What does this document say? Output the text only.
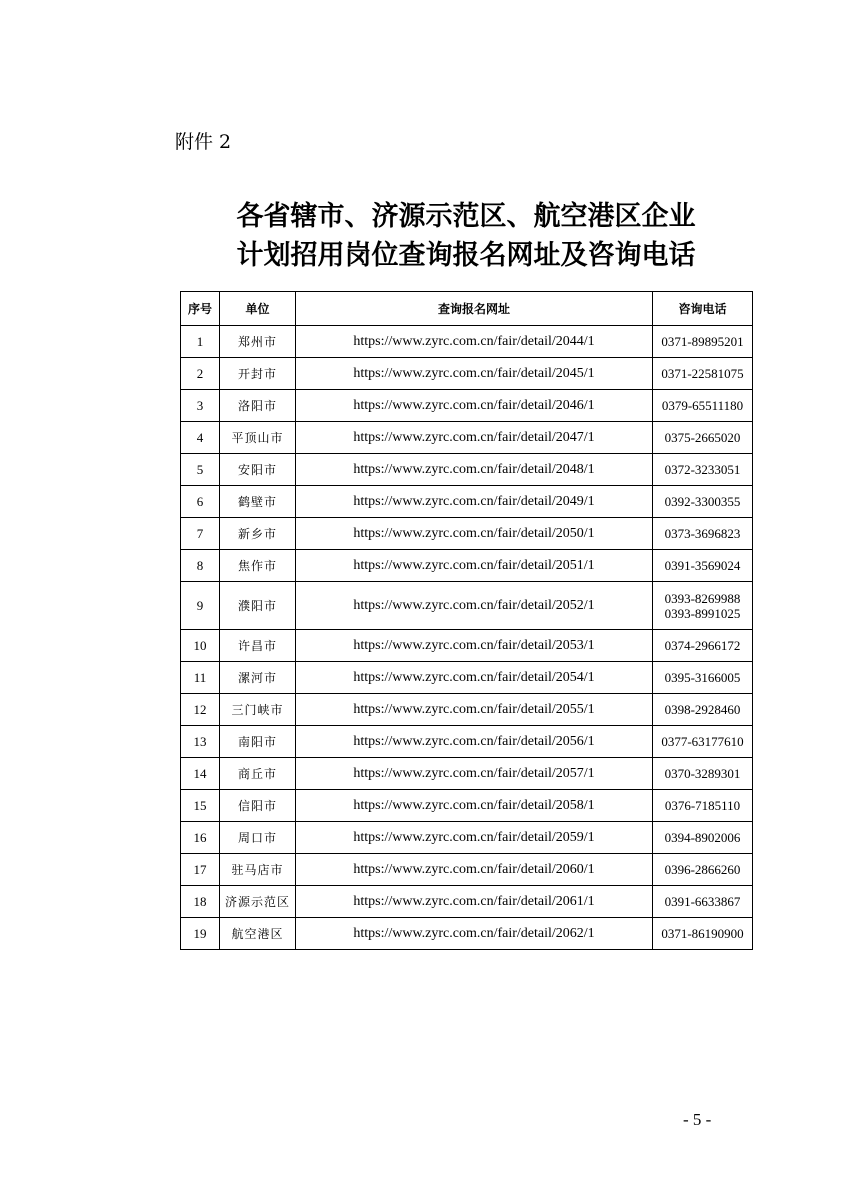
附件 2
各省辖市、济源示范区、航空港区企业
计划招用岗位查询报名网址及咨询电话
序号	单位	查询报名网址	咨询电话
1	郑州市	https://www.zyrc.com.cn/fair/detail/2044/1	0371-89895201

2	开封市	https://www.zyrc.com.cn/fair/detail/2045/1	0371-22581075

3	洛阳市	https://www.zyrc.com.cn/fair/detail/2046/1	0379-65511180

4	平顶山市	https://www.zyrc.com.cn/fair/detail/2047/1	0375-2665020

5	安阳市	https://www.zyrc.com.cn/fair/detail/2048/1	0372-3233051

6	鹤壁市	https://www.zyrc.com.cn/fair/detail/2049/1	0392-3300355

7	新乡市	https://www.zyrc.com.cn/fair/detail/2050/1	0373-3696823

8	焦作市	https://www.zyrc.com.cn/fair/detail/2051/1	0391-3569024

9	濮阳市	https://www.zyrc.com.cn/fair/detail/2052/1	0393-8269988
0393-8991025

10	许昌市	https://www.zyrc.com.cn/fair/detail/2053/1	0374-2966172

11	漯河市	https://www.zyrc.com.cn/fair/detail/2054/1	0395-3166005

12	三门峡市	https://www.zyrc.com.cn/fair/detail/2055/1	0398-2928460

13	南阳市	https://www.zyrc.com.cn/fair/detail/2056/1	0377-63177610

14	商丘市	https://www.zyrc.com.cn/fair/detail/2057/1	0370-3289301

15	信阳市	https://www.zyrc.com.cn/fair/detail/2058/1	0376-7185110

16	周口市	https://www.zyrc.com.cn/fair/detail/2059/1	0394-8902006

17	驻马店市	https://www.zyrc.com.cn/fair/detail/2060/1	0396-2866260

18	济源示范区	https://www.zyrc.com.cn/fair/detail/2061/1	0391-6633867

19	航空港区	https://www.zyrc.com.cn/fair/detail/2062/1	0371-86190900
- 5 -
